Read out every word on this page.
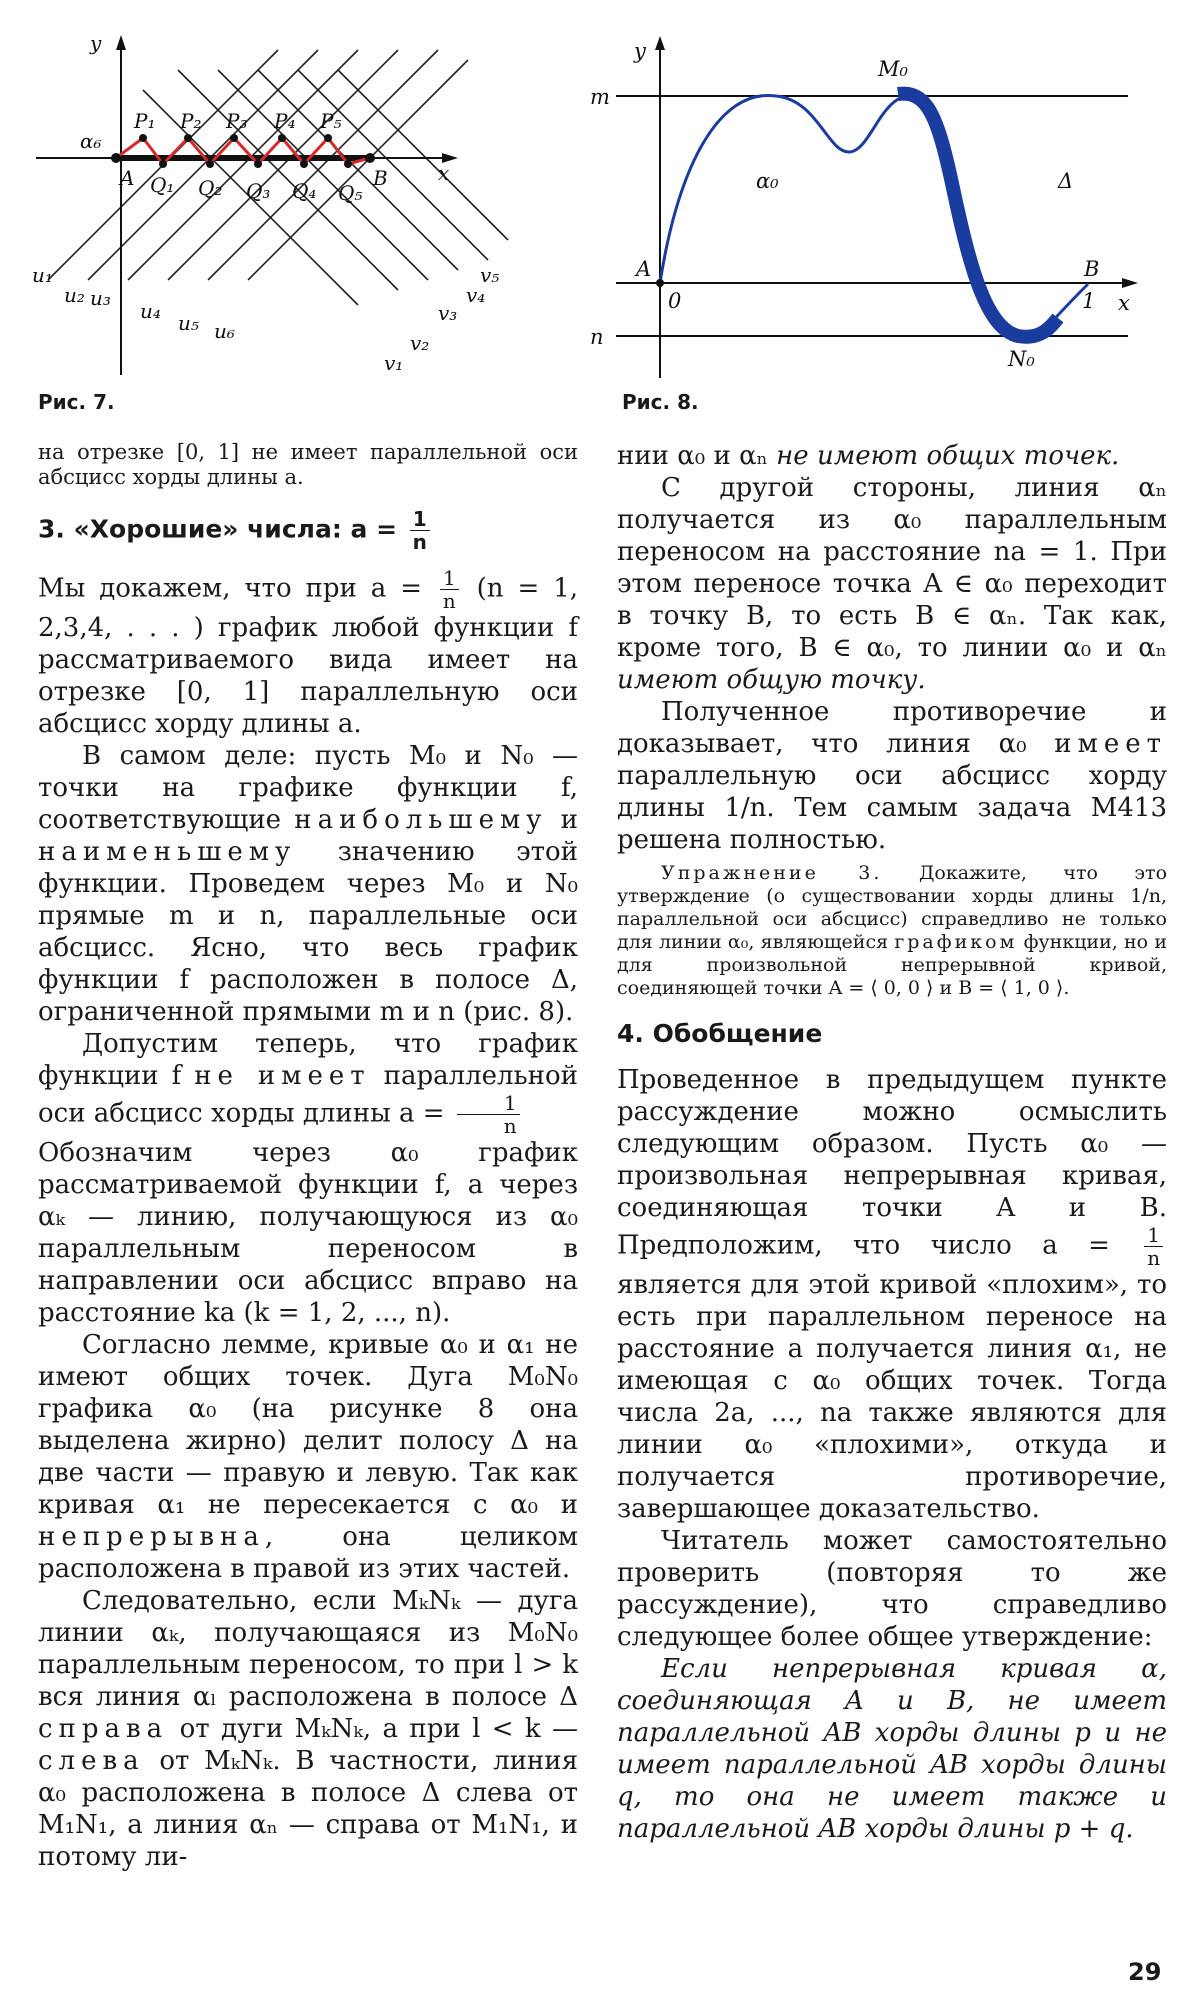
y
x
α₆
A	B
P₁ P₂ P₃ P₄ P₅
Q₁ Q₂ Q₃ Q₄ Q₅
u₁
u₂ u₃
u₄ u₅ u₆
v₅
v₄
v₃
v₂
v₁
Рис. 7.
y
m
n
M₀
N₀
A
0
B
1 x
α₀	Δ
Рис. 8.

на отрезке [0, 1] не имеет параллельной оси абсцисс хорды длины a.

3. «Хорошие» числа: $a = \frac{1}{n}$

Мы докажем, что при $a = \frac{1}{n} (n = 1$, 2,3,4, . . . ) график любой функции f рассматриваемого вида имеет на отрезке [0, 1] параллельную оси абсцисс хорду длины a.

В самом деле: пусть M₀ и N₀ — точки на графике функции f, соответствующие наибольшему и наименьшему значению этой функции. Проведем через M₀ и N₀ прямые m и n, параллельные оси абсцисс. Ясно, что весь график функции f расположен в полосе Δ, ограниченной прямыми m и n (рис. 8).

Допустим теперь, что график функции f не имеет параллельной оси абсцисс хорды длины $a = \frac{1}{n}$

Обозначим через α₀ график рассматриваемой функции f, а через αₖ — линию, получающуюся из α₀ параллельным переносом в направлении оси абсцисс вправо на расстояние ka (k = 1, 2, ..., n).

Согласно лемме, кривые α₀ и α₁ не имеют общих точек. Дуга M₀N₀ графика α₀ (на рисунке 8 она выделена жирно) делит полосу Δ на две части — правую и левую. Так как кривая α₁ не пересекается с α₀ и непрерывна, она целиком расположена в правой из этих частей.

Следовательно, если MₖNₖ — дуга линии αₖ, получающаяся из M₀N₀ параллельным переносом, то при l > k вся линия αₗ расположена в полосе Δ справа от дуги MₖNₖ, а при l < k — слева от MₖNₖ. В частности, линия α₀ расположена в полосе Δ слева от M₁N₁, а линия αₙ — справа от M₁N₁, и потому ли-

нии α₀ и αₙ не имеют общих точек.

С другой стороны, линия αₙ получается из α₀ параллельным переносом на расстояние na = 1. При этом переносе точка A ∈ α₀ переходит в точку B, то есть B ∈ αₙ. Так как, кроме того, B ∈ α₀, то линии α₀ и αₙ имеют общую точку.

Полученное противоречие и доказывает, что линия α₀ имеет параллельную оси абсцисс хорду длины 1/n. Тем самым задача М413 решена полностью.

Упражнение 3. Докажите, что это утверждение (о существовании хорды длины 1/n, параллельной оси абсцисс) справедливо не только для линии α₀, являющейся графиком функции, но и для произвольной непрерывной кривой, соединяющей точки A = ⟨ 0, 0 ⟩ и B = ⟨ 1, 0 ⟩.

4. Обобщение

Проведенное в предыдущем пункте рассуждение можно осмыслить следующим образом. Пусть α₀ — произвольная непрерывная кривая, соединяющая точки A и B. Предположим, что число $a = \frac{1}{n}$
является для этой кривой «плохим», то есть при параллельном переносе на расстояние a получается линия α₁, не имеющая с α₀ общих точек. Тогда числа 2a, ..., na также являются для линии α₀ «плохими», откуда и получается противоречие, завершающее доказательство.

Читатель может самостоятельно проверить (повторяя то же рассуждение), что справедливо следующее более общее утверждение:

Если непрерывная кривая α, соединяющая A и B, не имеет параллельной AB хорды длины p и не имеет параллельной AB хорды длины q, то она не имеет также и параллельной AB хорды длины p + q.

29
